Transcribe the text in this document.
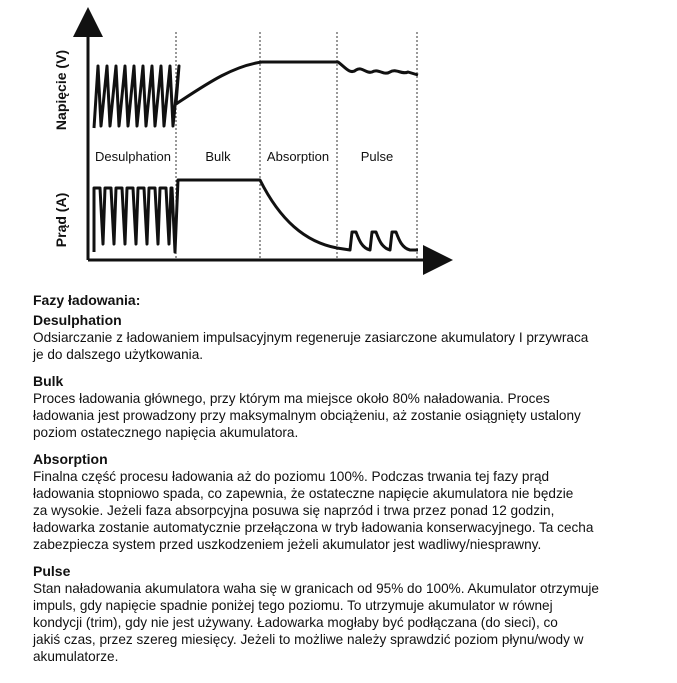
Napięcie (V)
Prąd (A)
Desulphation	Bulk	Absorption Pulse
Fazy ładowania:
Desulphation
Odsiarczanie z ładowaniem impulsacyjnym regeneruje zasiarczone akumulatory I przywraca
je do dalszego użytkowania.
Bulk
Proces ładowania głównego, przy którym ma miejsce około 80% naładowania. Proces
ładowania jest prowadzony przy maksymalnym obciążeniu, aż zostanie osiągnięty ustalony
poziom ostatecznego napięcia akumulatora.
Absorption
Finalna część procesu ładowania aż do poziomu 100%. Podczas trwania tej fazy prąd
ładowania stopniowo spada, co zapewnia, że ostateczne napięcie akumulatora nie będzie
za wysokie. Jeżeli faza absorpcyjna posuwa się naprzód i trwa przez ponad 12 godzin,
ładowarka zostanie automatycznie przełączona w tryb ładowania konserwacyjnego. Ta cecha
zabezpiecza system przed uszkodzeniem jeżeli akumulator jest wadliwy/niesprawny.
Pulse
Stan naładowania akumulatora waha się w granicach od 95% do 100%. Akumulator otrzymuje
impuls, gdy napięcie spadnie poniżej tego poziomu. To utrzymuje akumulator w równej
kondycji (trim), gdy nie jest używany. Ładowarka mogłaby być podłączana (do sieci), co
jakiś czas, przez szereg miesięcy. Jeżeli to możliwe należy sprawdzić poziom płynu/wody w
akumulatorze.
